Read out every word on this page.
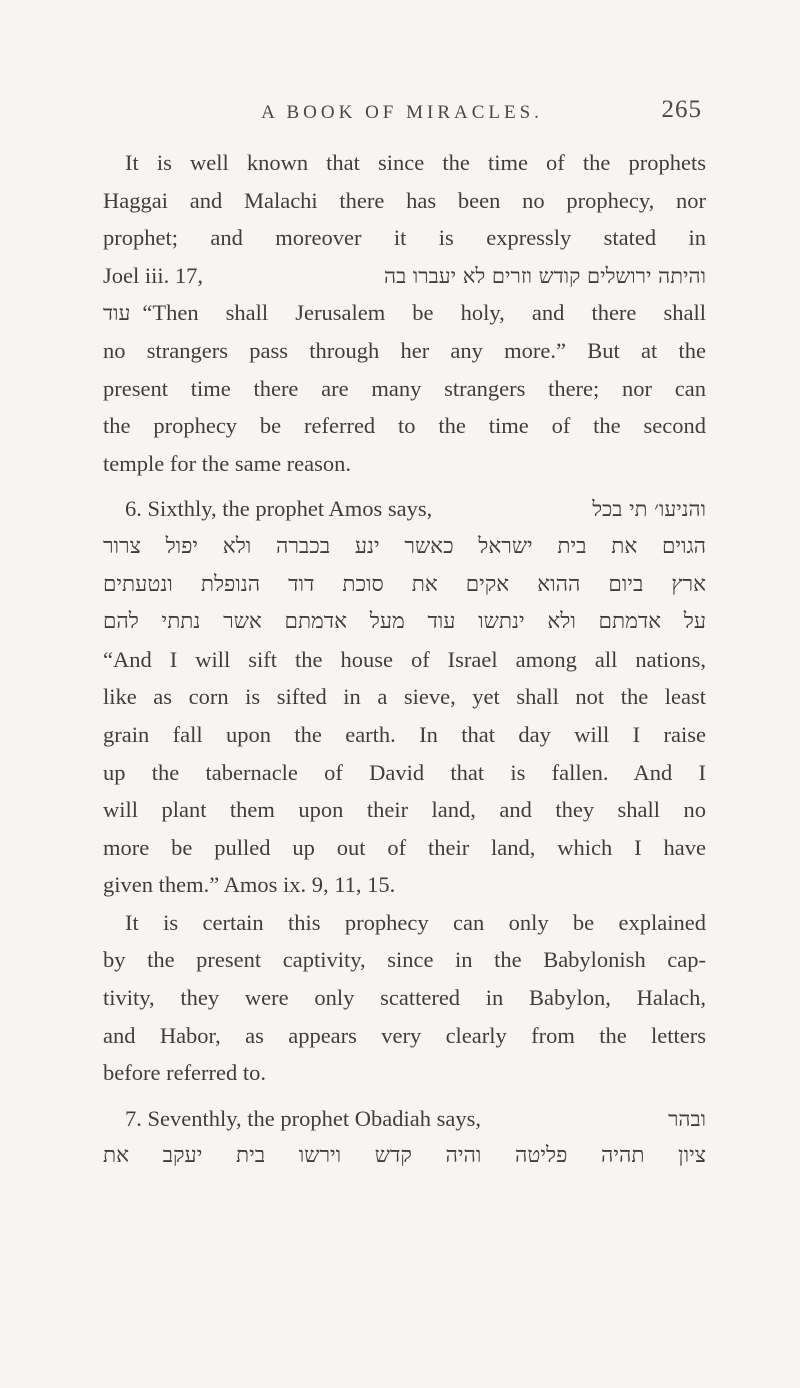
A BOOK OF MIRACLES.	265
It is well known that since the time of the prophets
Haggai and Malachi there has been no prophecy, nor
prophet; and moreover it is expressly stated in
Joel iii. 17,	והיתה ירושלים קודש וזרים לא יעברו בה
עוד “Then shall Jerusalem be holy, and there shall
no strangers pass through her any more.” But at the
present time there are many strangers there; nor can
the prophecy be referred to the time of the second
temple for the same reason.
6. Sixthly, the prophet Amos says,	והניעו׳ תי בכל
הגוים את בית ישראל כאשר ינע בכברה ולא יפול צרור
ארץ ביום ההוא אקים את סוכת דוד הנופלת ונטעתים
על אדמתם ולא ינתשו עוד מעל אדמתם אשר נתתי להם
“And I will sift the house of Israel among all nations,
like as corn is sifted in a sieve, yet shall not the least
grain fall upon the earth. In that day will I raise
up the tabernacle of David that is fallen. And I
will plant them upon their land, and they shall no
more be pulled up out of their land, which I have
given them.” Amos ix. 9, 11, 15.
It is certain this prophecy can only be explained
by the present captivity, since in the Babylonish cap-
tivity, they were only scattered in Babylon, Halach,
and Habor, as appears very clearly from the letters
before referred to.
7. Seventhly, the prophet Obadiah says,	ובהר
ציון תהיה פליטה והיה קדש וירשו בית יעקב את
